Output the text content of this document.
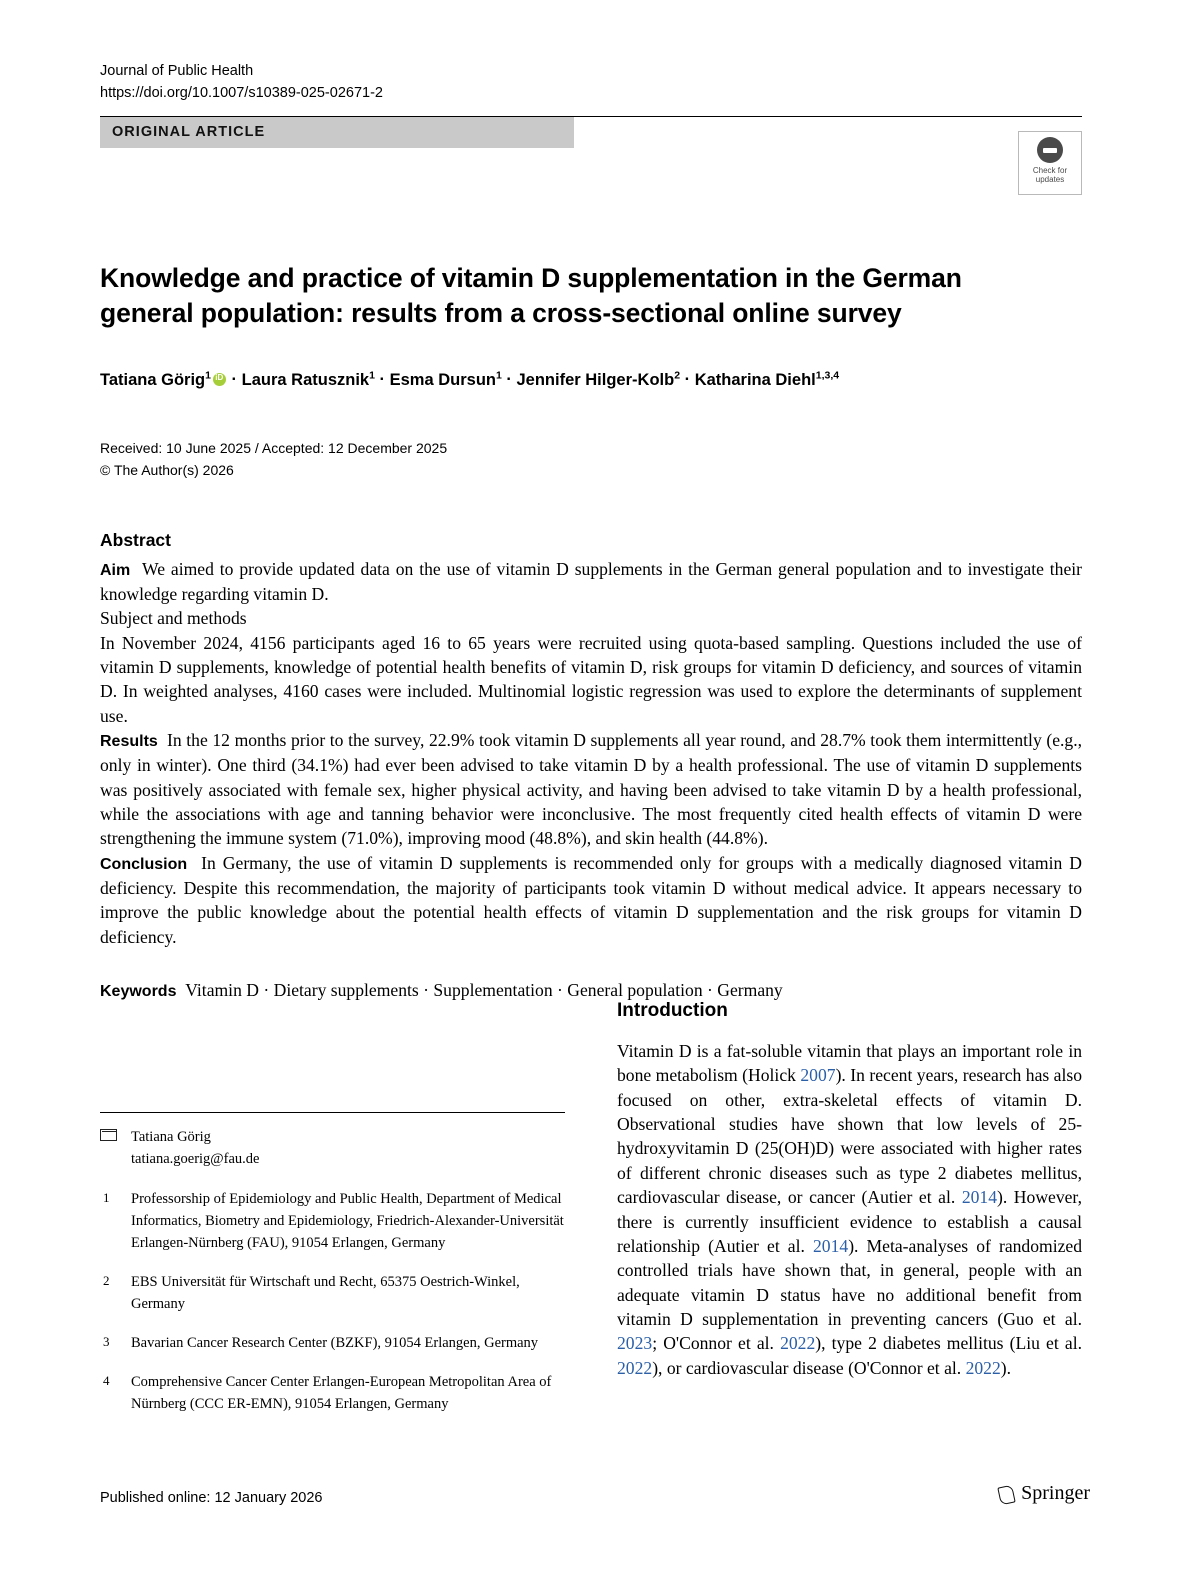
Journal of Public Health
https://doi.org/10.1007/s10389-025-02671-2
ORIGINAL ARTICLE
Check for
updates
Knowledge and practice of vitamin D supplementation in the German general population: results from a cross-sectional online survey
Tatiana Görig$^1$iD · Laura Ratusznik$^1$ · Esma Dursun$^1$ · Jennifer Hilger-Kolb$^2$ · Katharina Diehl$^{1,3,4}$
Received: 10 June 2025 / Accepted: 12 December 2025
© The Author(s) 2026
Abstract

Aim We aimed to provide updated data on the use of vitamin D supplements in the German general population and to investigate their knowledge regarding vitamin D.

Subject and methods

In November 2024, 4156 participants aged 16 to 65 years were recruited using quota-based sampling. Questions included the use of vitamin D supplements, knowledge of potential health benefits of vitamin D, risk groups for vitamin D deficiency, and sources of vitamin D. In weighted analyses, 4160 cases were included. Multinomial logistic regression was used to explore the determinants of supplement use.

Results In the 12 months prior to the survey, 22.9% took vitamin D supplements all year round, and 28.7% took them intermittently (e.g., only in winter). One third (34.1%) had ever been advised to take vitamin D by a health professional. The use of vitamin D supplements was positively associated with female sex, higher physical activity, and having been advised to take vitamin D by a health professional, while the associations with age and tanning behavior were inconclusive. The most frequently cited health effects of vitamin D were strengthening the immune system (71.0%), improving mood (48.8%), and skin health (44.8%).

Conclusion In Germany, the use of vitamin D supplements is recommended only for groups with a medically diagnosed vitamin D deficiency. Despite this recommendation, the majority of participants took vitamin D without medical advice. It appears necessary to improve the public knowledge about the potential health effects of vitamin D supplementation and the risk groups for vitamin D deficiency.

Keywords Vitamin D · Dietary supplements · Supplementation · General population · Germany
Tatiana Görig
tatiana.goerig@fau.de
1 Professorship of Epidemiology and Public Health, Department of Medical Informatics, Biometry and Epidemiology, Friedrich-Alexander-Universität Erlangen-Nürnberg (FAU), 91054 Erlangen, Germany
2 EBS Universität für Wirtschaft und Recht, 65375 Oestrich-Winkel, Germany
3 Bavarian Cancer Research Center (BZKF), 91054 Erlangen, Germany
4 Comprehensive Cancer Center Erlangen-European Metropolitan Area of Nürnberg (CCC ER-EMN), 91054 Erlangen, Germany
Introduction

Vitamin D is a fat-soluble vitamin that plays an important role in bone metabolism (Holick 2007). In recent years, research has also focused on other, extra-skeletal effects of vitamin D. Observational studies have shown that low levels of 25-hydroxyvitamin D (25(OH)D) were associated with higher rates of different chronic diseases such as type 2 diabetes mellitus, cardiovascular disease, or cancer (Autier et al. 2014). However, there is currently insufficient evidence to establish a causal relationship (Autier et al. 2014). Meta-analyses of randomized controlled trials have shown that, in general, people with an adequate vitamin D status have no additional benefit from vitamin D supplementation in preventing cancers (Guo et al. 2023; O'Connor et al. 2022), type 2 diabetes mellitus (Liu et al. 2022), or cardiovascular disease (O'Connor et al. 2022).

Published online: 12 January 2026	Springer
